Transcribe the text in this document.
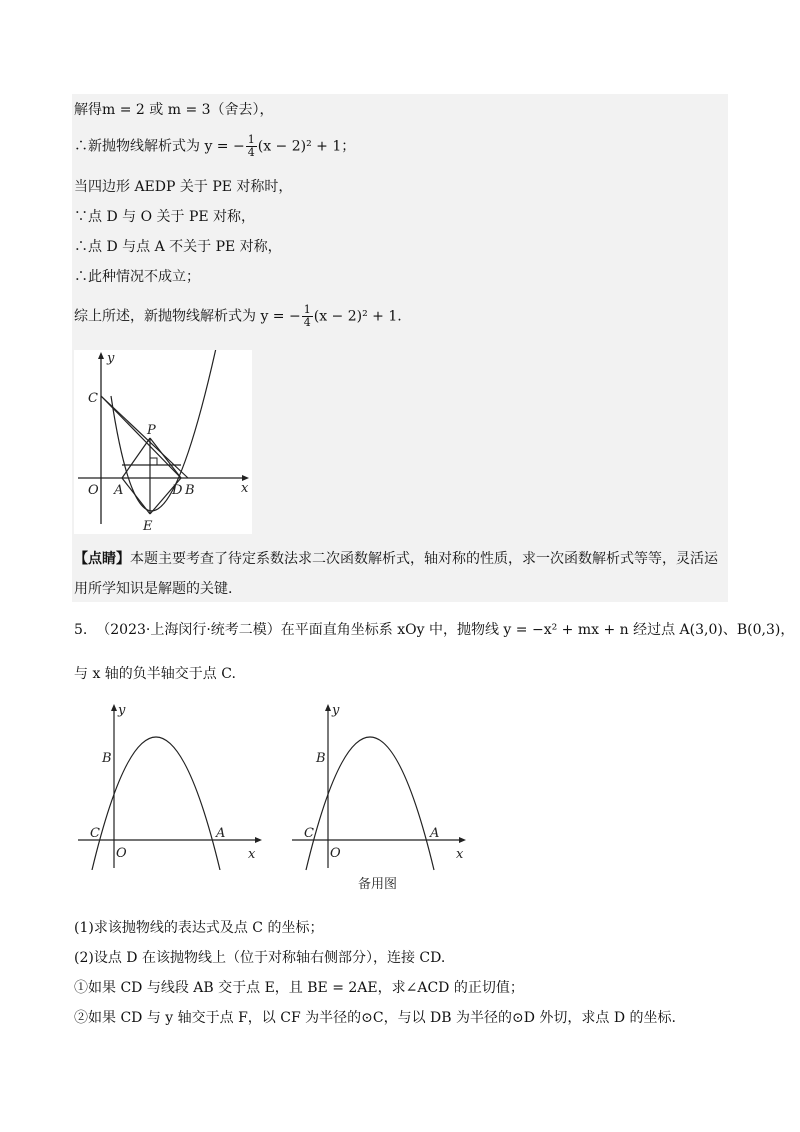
解得m = 2 或 m = 3（舍去），
∴新抛物线解析式为 y = − $\frac{1}{4} (x - 2)^2 + 1$；
当四边形 AEDP 关于 PE 对称时，
∵点 D 与 O 关于 PE 对称，
∴点 D 与点 A 不关于 PE 对称，
∴此种情况不成立；
综上所述，新抛物线解析式为 y = − $\frac{1}{4} (x - 2)^2 + 1$.
y
x
O A	B
D
C
P
E
【点睛】本题主要考查了待定系数法求二次函数解析式，轴对称的性质，求一次函数解析式等等，灵活运用所学知识是解题的关键.
5. （2023·上海闵行·统考二模）在平面直角坐标系 xOy 中，抛物线 y = −x² + mx + n 经过点 A(3,0)、B(0,3)，
与 x 轴的负半轴交于点 C.
y
x
O
A
B
C
y
x
O
A
B
C
备用图
(1)求该抛物线的表达式及点 C 的坐标；
(2)设点 D 在该抛物线上（位于对称轴右侧部分），连接 CD.
①如果 CD 与线段 AB 交于点 E，且 BE = 2AE，求∠ACD 的正切值；
②如果 CD 与 y 轴交于点 F，以 CF 为半径的⊙C，与以 DB 为半径的⊙D 外切，求点 D 的坐标.
